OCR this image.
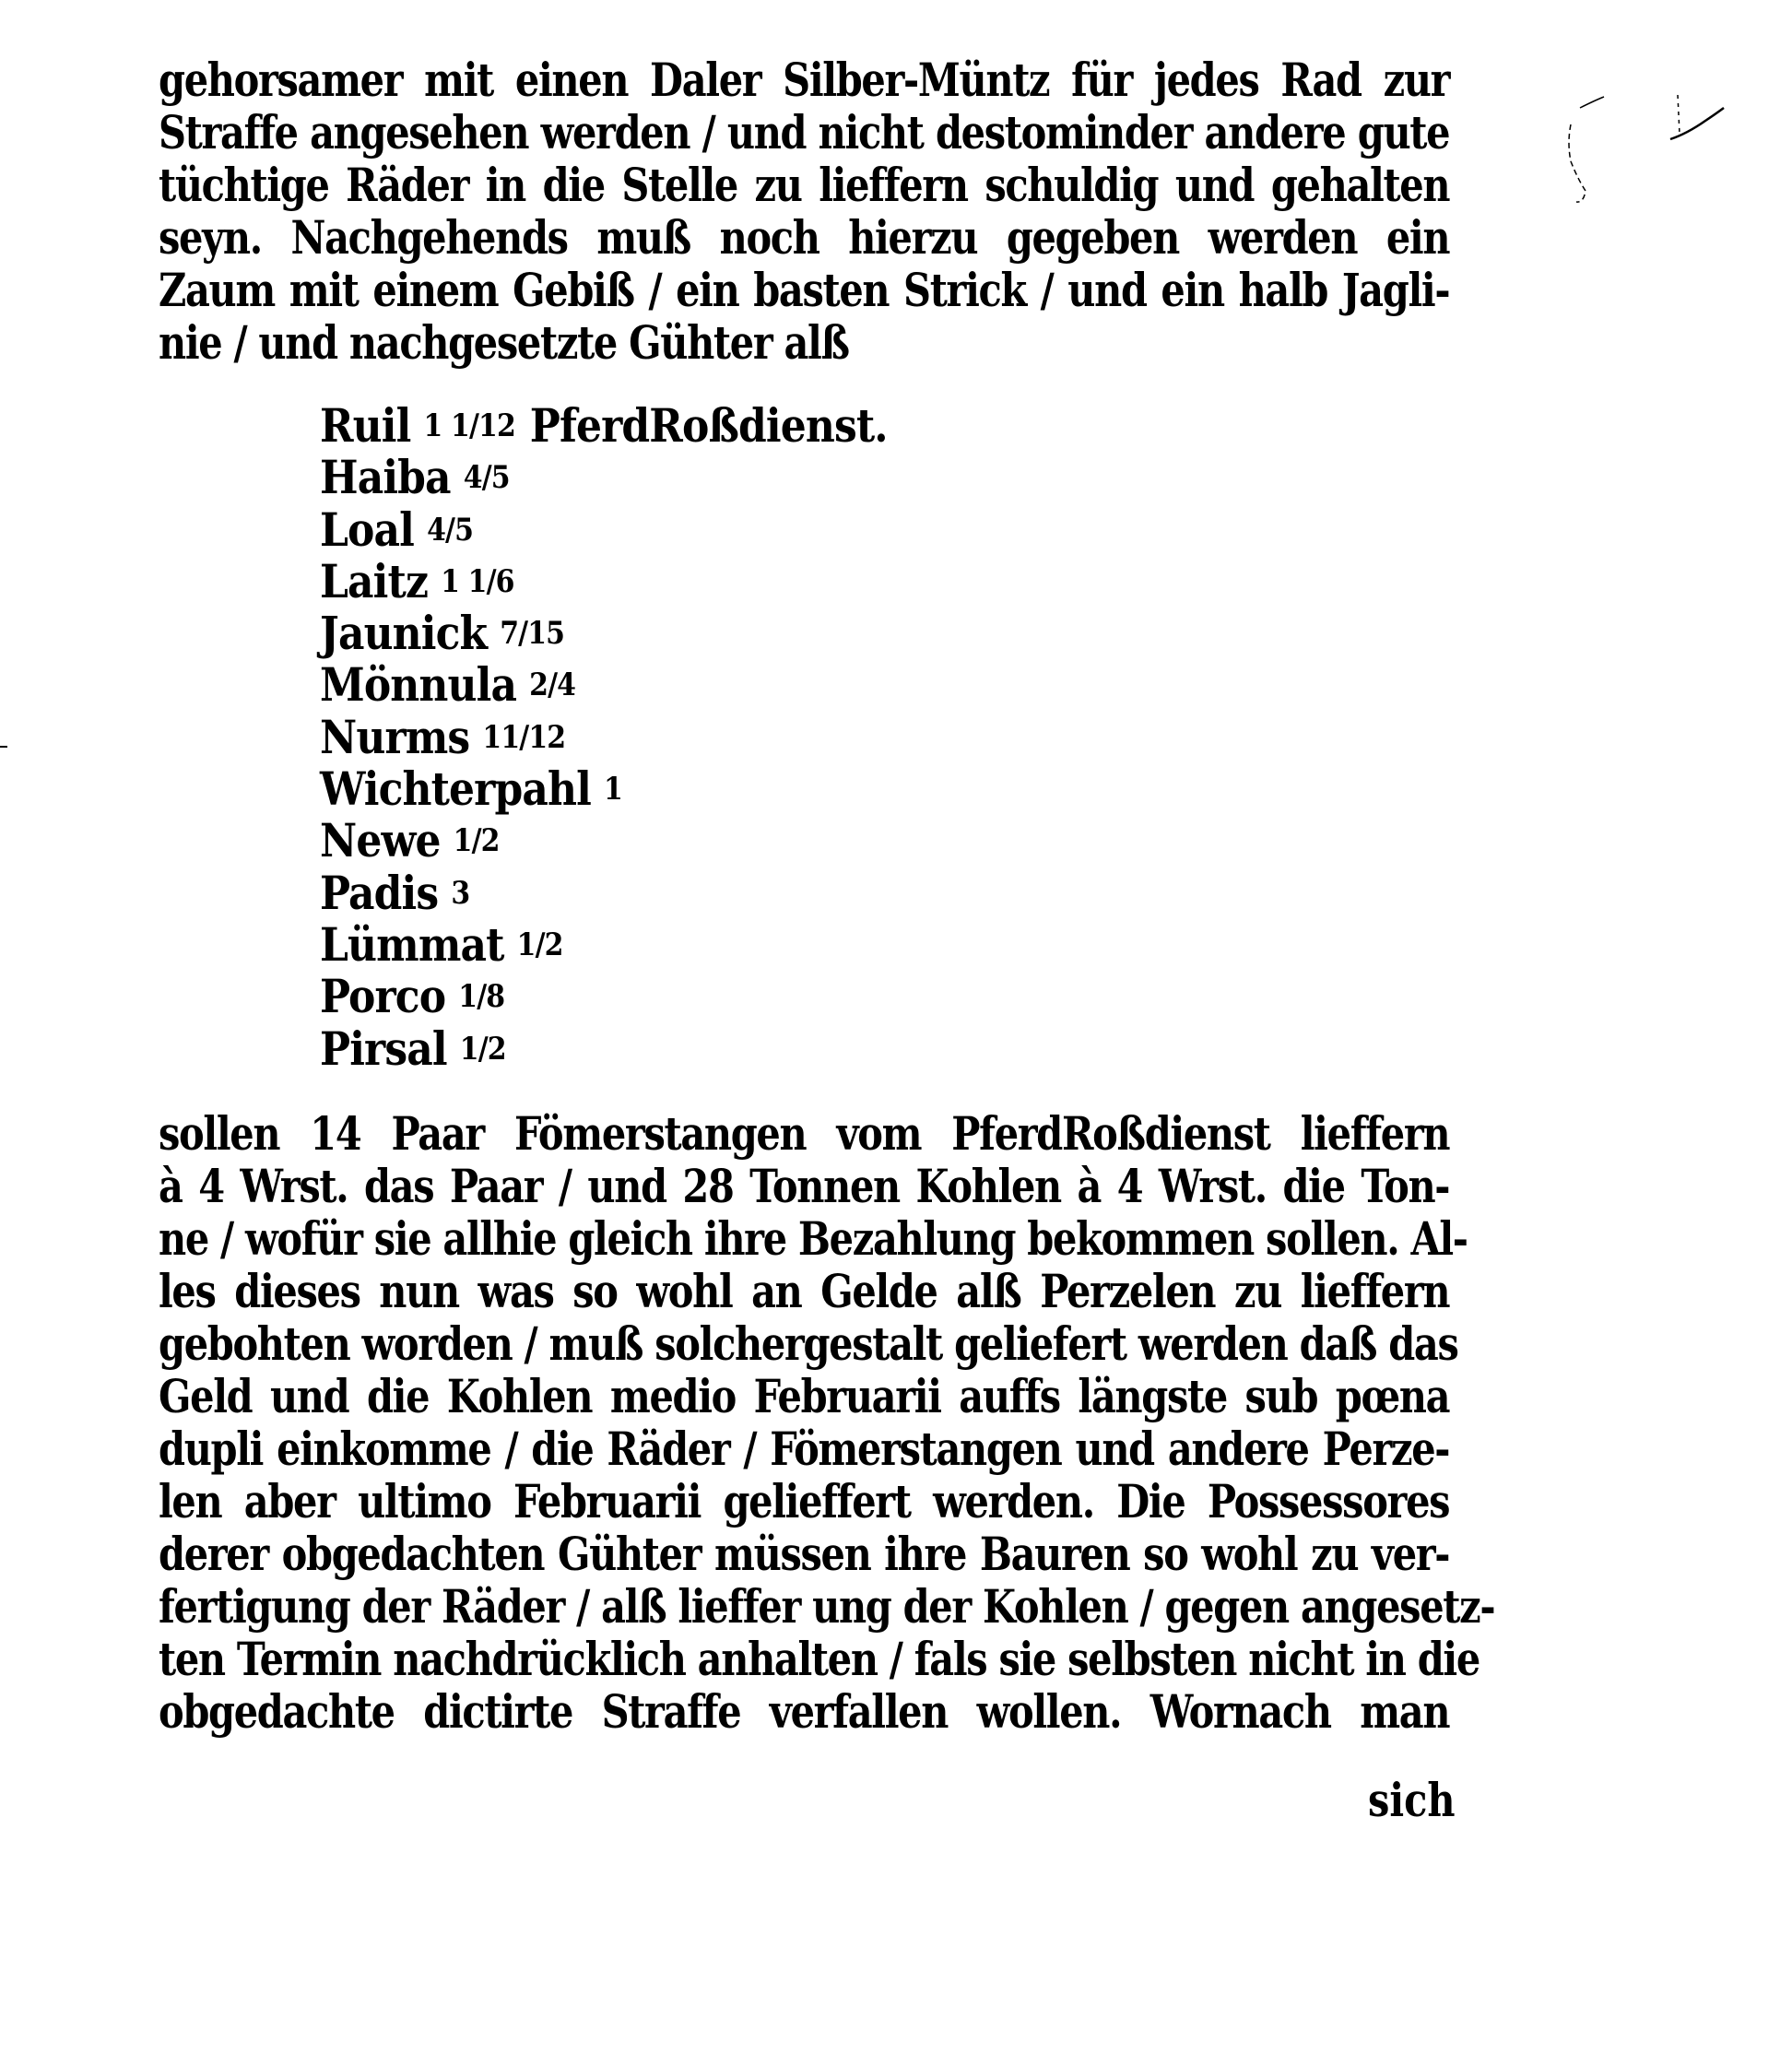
gehorsamer mit einen Daler Silber-Müntz für jedes Rad zur
Straffe angesehen werden / und nicht destominder andere gute
tüchtige Räder in die Stelle zu lieffern schuldig und gehalten
seyn. Nachgehends muß noch hierzu gegeben werden ein
Zaum mit einem Gebiß / ein basten Strick / und ein halb Jagli-
nie / und nachgesetzte Gühter alß
Ruil 1 1/12 PferdRoßdienst.
Haiba 4/5
Loal 4/5
Laitz 1 1/6
Jaunick 7/15
Mönnula 2/4
Nurms 11/12
Wichterpahl 1
Newe 1/2
Padis 3
Lümmat 1/2
Porco 1/8
Pirsal 1/2
sollen 14 Paar Fömerstangen vom PferdRoßdienst lieffern
à 4 Wrst. das Paar / und 28 Tonnen Kohlen à 4 Wrst. die Ton-
ne / wofür sie allhie gleich ihre Bezahlung bekommen sollen. Al-
les dieses nun was so wohl an Gelde alß Perzelen zu lieffern
gebohten worden / muß solchergestalt geliefert werden daß das
Geld und die Kohlen medio Februarii auffs längste sub pœna
dupli einkomme / die Räder / Fömerstangen und andere Perze-
len aber ultimo Februarii gelieffert werden. Die Possessores
derer obgedachten Gühter müssen ihre Bauren so wohl zu ver-
fertigung der Räder / alß lieffer ung der Kohlen / gegen angesetz-
ten Termin nachdrücklich anhalten / fals sie selbsten nicht in die
obgedachte dictirte Straffe verfallen wollen. Wornach man
sich
